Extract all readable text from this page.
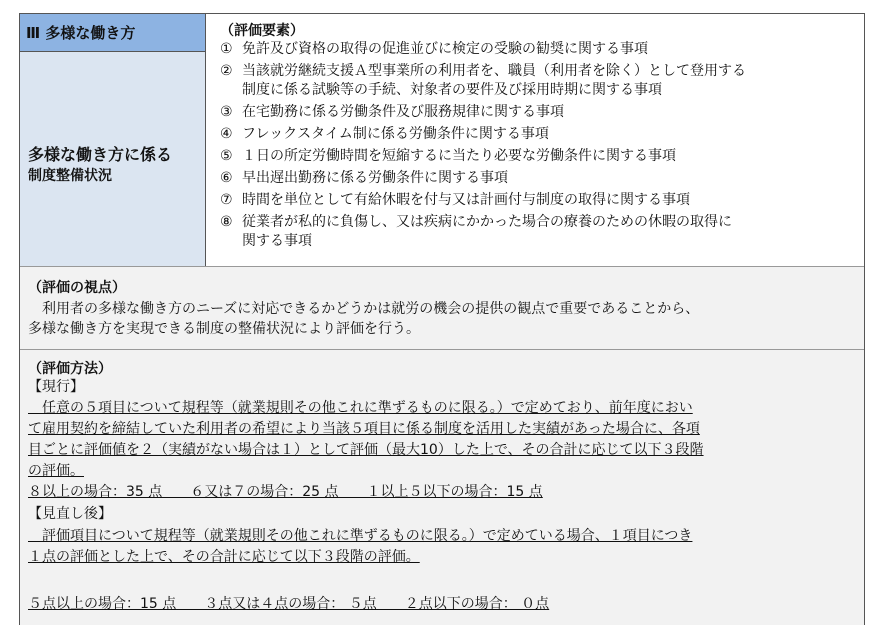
Ⅲ 多様な働き方
多様な働き方に係る
制度整備状況
（評価要素）
① 免許及び資格の取得の促進並びに検定の受験の勧奨に関する事項
② 当該就労継続支援Ａ型事業所の利用者を、職員（利用者を除く）として登用する
制度に係る試験等の手続、対象者の要件及び採用時期に関する事項
③ 在宅勤務に係る労働条件及び服務規律に関する事項
④ フレックスタイム制に係る労働条件に関する事項
⑤ １日の所定労働時間を短縮するに当たり必要な労働条件に関する事項
⑥ 早出遅出勤務に係る労働条件に関する事項
⑦ 時間を単位として有給休暇を付与又は計画付与制度の取得に関する事項
⑧ 従業者が私的に負傷し、又は疾病にかかった場合の療養のための休暇の取得に
関する事項
（評価の視点）
　利用者の多様な働き方のニーズに対応できるかどうかは就労の機会の提供の観点で重要であることから、
多様な働き方を実現できる制度の整備状況により評価を行う。
（評価方法）
【現行】
　任意の５項目について規程等（就業規則その他これに準ずるものに限る。）で定めており、前年度におい
て雇用契約を締結していた利用者の希望により当該５項目に係る制度を活用した実績があった場合に、各項
目ごとに評価値を２（実績がない場合は１）として評価（最大10）した上で、その合計に応じて以下３段階
の評価。
８以上の場合：35 点　　６又は７の場合：25 点　　１以上５以下の場合：15 点
【見直し後】
　評価項目について規程等（就業規則その他これに準ずるものに限る。）で定めている場合、１項目につき
１点の評価とした上で、その合計に応じて以下３段階の評価。
５点以上の場合：15 点　　３点又は４点の場合： ５点　　２点以下の場合： ０点
